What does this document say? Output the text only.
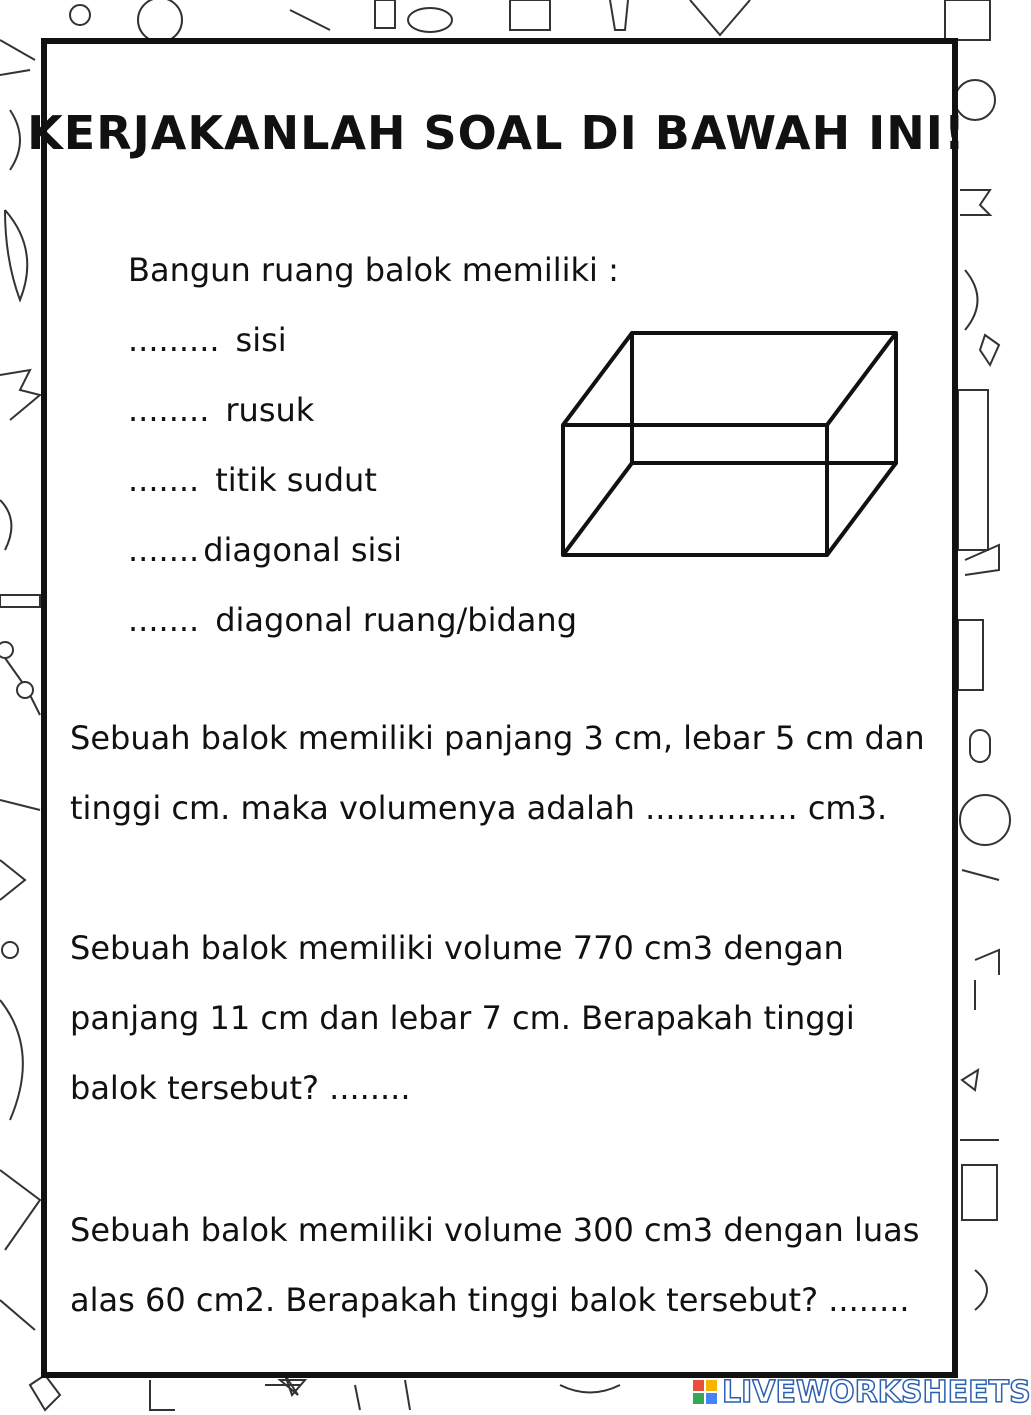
KERJAKANLAH SOAL DI BAWAH INI!
Bangun ruang balok memiliki :
......... sisi
........ rusuk
....... titik sudut
....... diagonal sisi
....... diagonal ruang/bidang
Sebuah balok memiliki panjang 3 cm, lebar 5 cm dan
tinggi cm. maka volumenya adalah ............... cm3.
Sebuah balok memiliki volume 770 cm3 dengan
panjang 11 cm dan lebar 7 cm. Berapakah tinggi
balok tersebut? ........
Sebuah balok memiliki volume 300 cm3 dengan luas
alas 60 cm2. Berapakah tinggi balok tersebut? ........
LIVEWORKSHEETS
